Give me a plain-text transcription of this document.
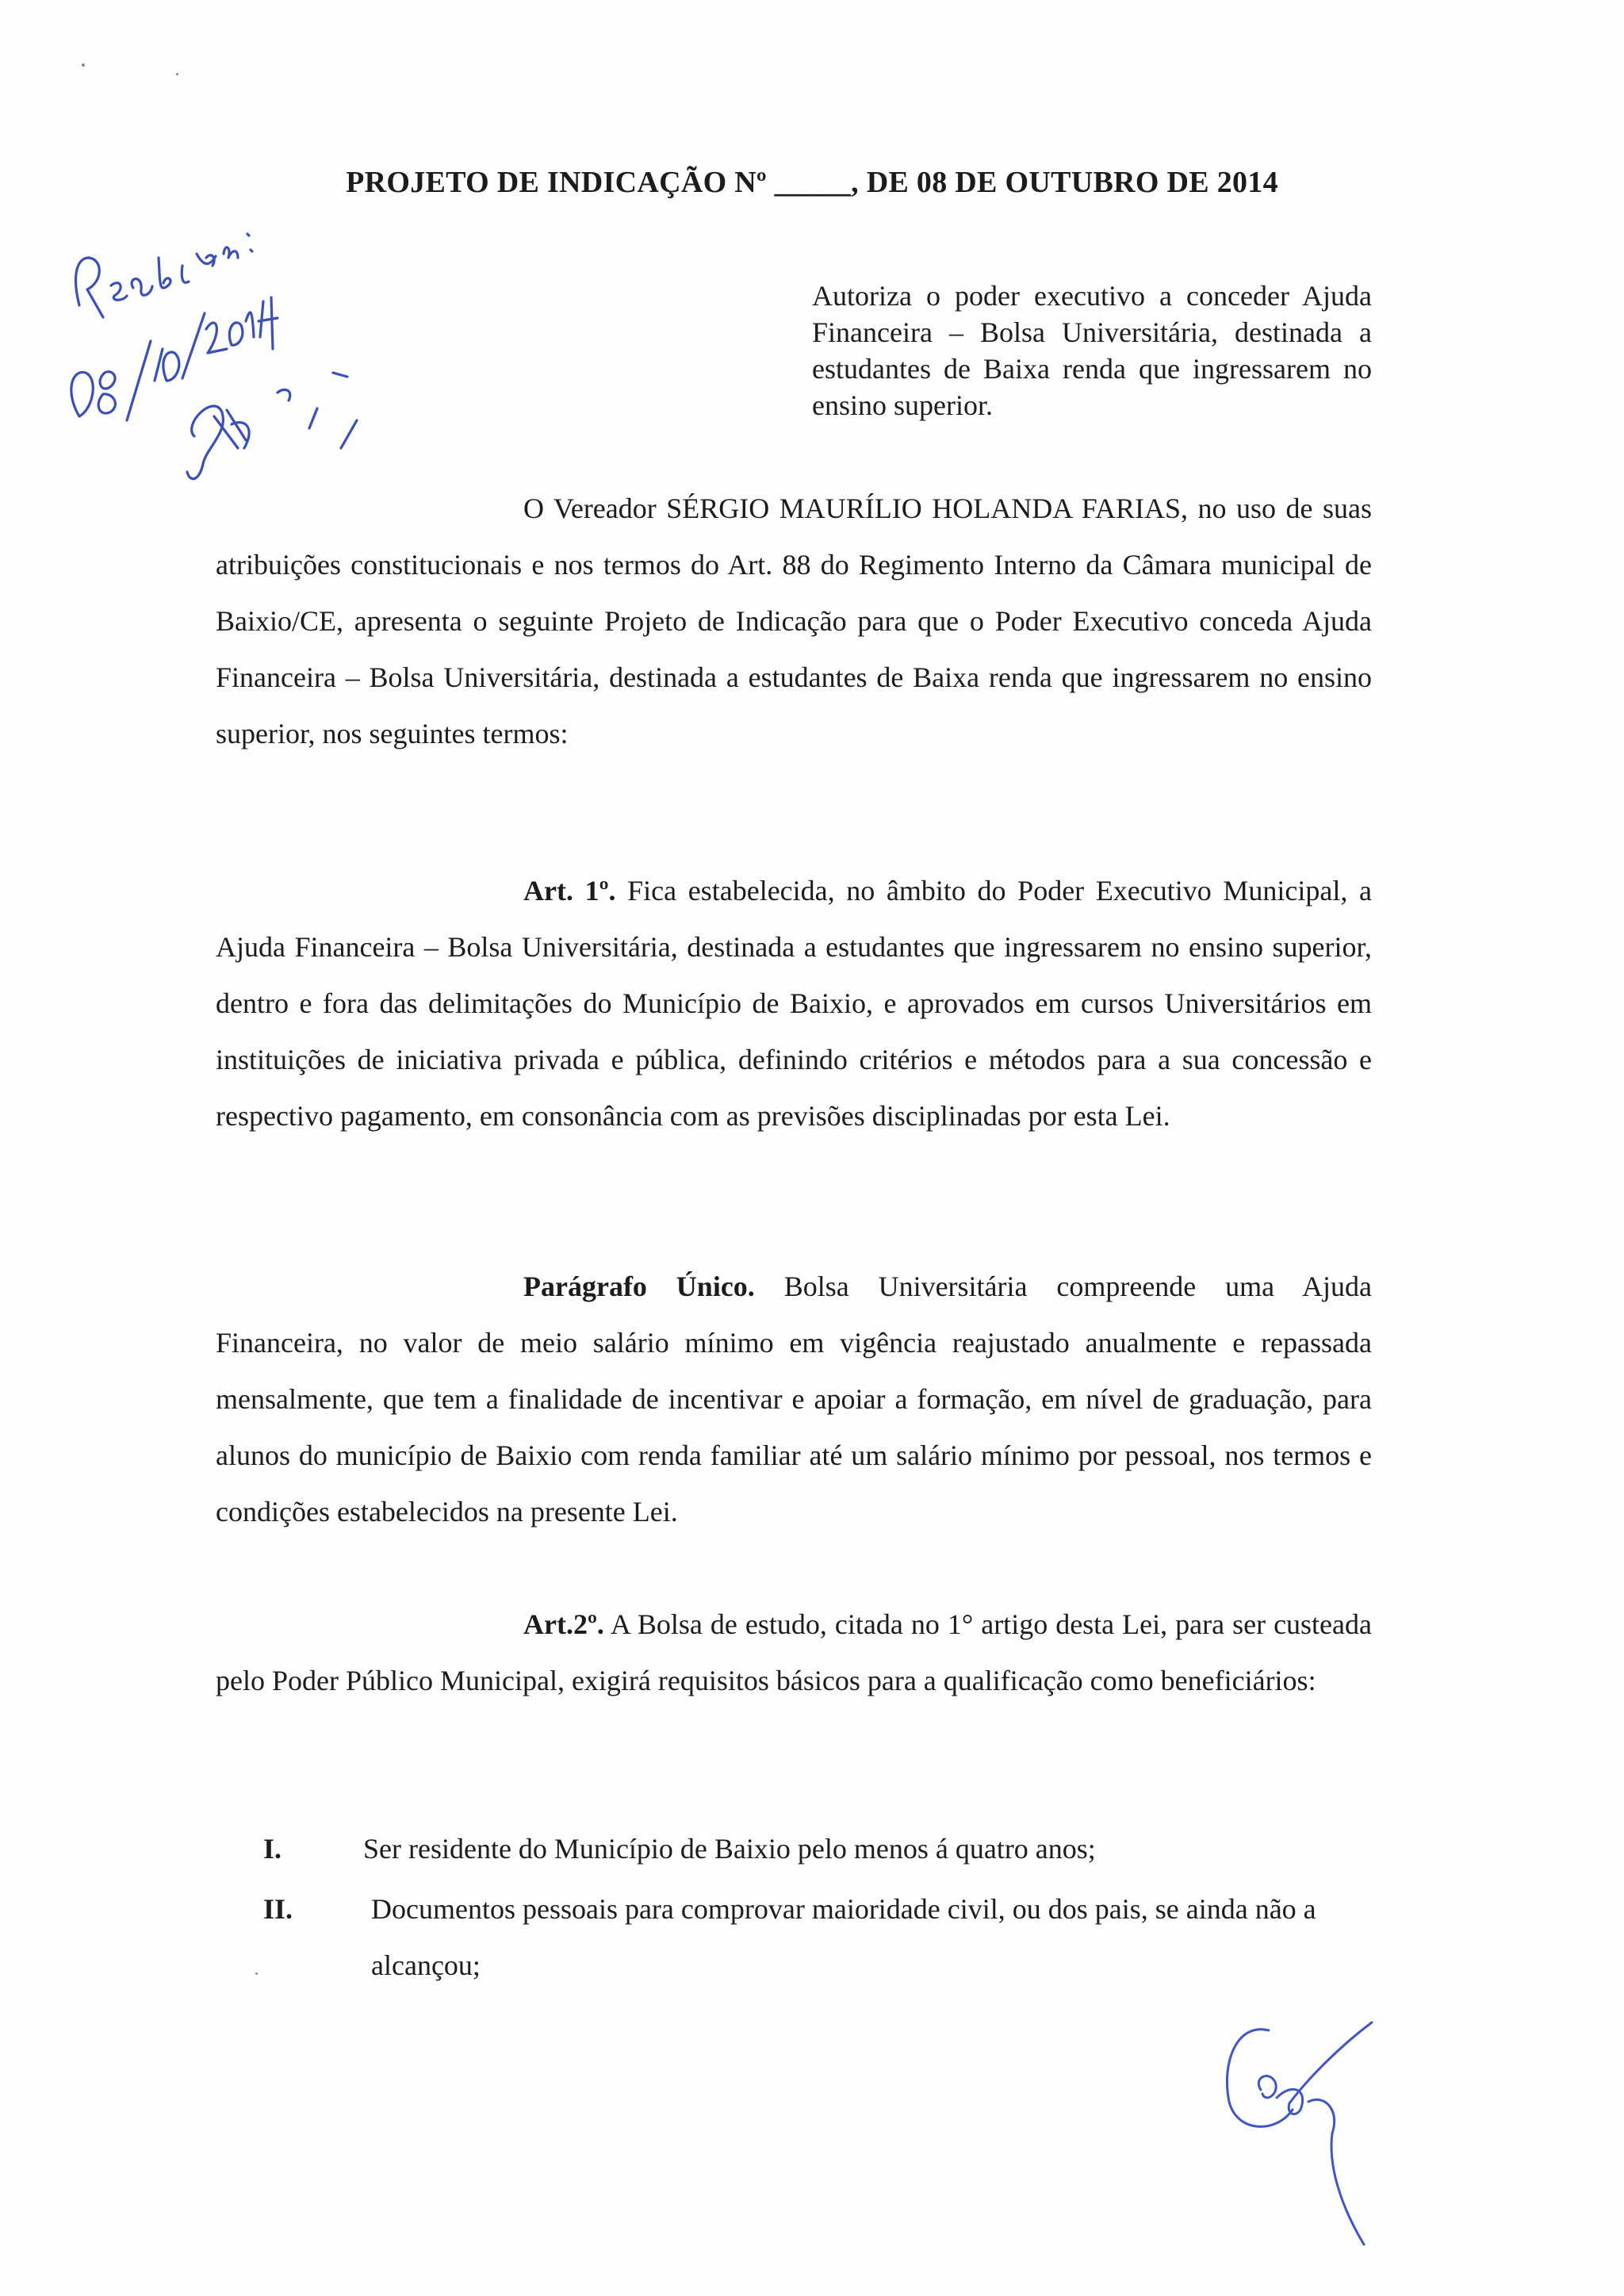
PROJETO DE INDICAÇÃO Nº _____, DE 08 DE OUTUBRO DE 2014
Autoriza o poder executivo a conceder Ajuda Financeira – Bolsa Universitária, destinada a estudantes de Baixa renda que ingressarem no ensino superior.

O Vereador SÉRGIO MAURÍLIO HOLANDA FARIAS, no uso de suas atribuições constitucionais e nos termos do Art. 88 do Regimento Interno da Câmara municipal de Baixio/CE, apresenta o seguinte Projeto de Indicação para que o Poder Executivo conceda Ajuda Financeira – Bolsa Universitária, destinada a estudantes de Baixa renda que ingressarem no ensino superior, nos seguintes termos:

Art. 1º. Fica estabelecida, no âmbito do Poder Executivo Municipal, a Ajuda Financeira – Bolsa Universitária, destinada a estudantes que ingressarem no ensino superior, dentro e fora das delimitações do Município de Baixio, e aprovados em cursos Universitários em instituições de iniciativa privada e pública, definindo critérios e métodos para a sua concessão e respectivo pagamento, em consonância com as previsões disciplinadas por esta Lei.

Parágrafo Único. Bolsa Universitária compreende uma Ajuda Financeira, no valor de meio salário mínimo em vigência reajustado anualmente e repassada mensalmente, que tem a finalidade de incentivar e apoiar a formação, em nível de graduação, para alunos do município de Baixio com renda familiar até um salário mínimo por pessoal, nos termos e condições estabelecidos na presente Lei.

Art.2º. A Bolsa de estudo, citada no 1° artigo desta Lei, para ser custeada pelo Poder Público Municipal, exigirá requisitos básicos para a qualificação como beneficiários:

I.	Ser residente do Município de Baixio pelo menos á quatro anos;
II.	Documentos pessoais para comprovar maioridade civil, ou dos pais, se ainda não a alcançou;
